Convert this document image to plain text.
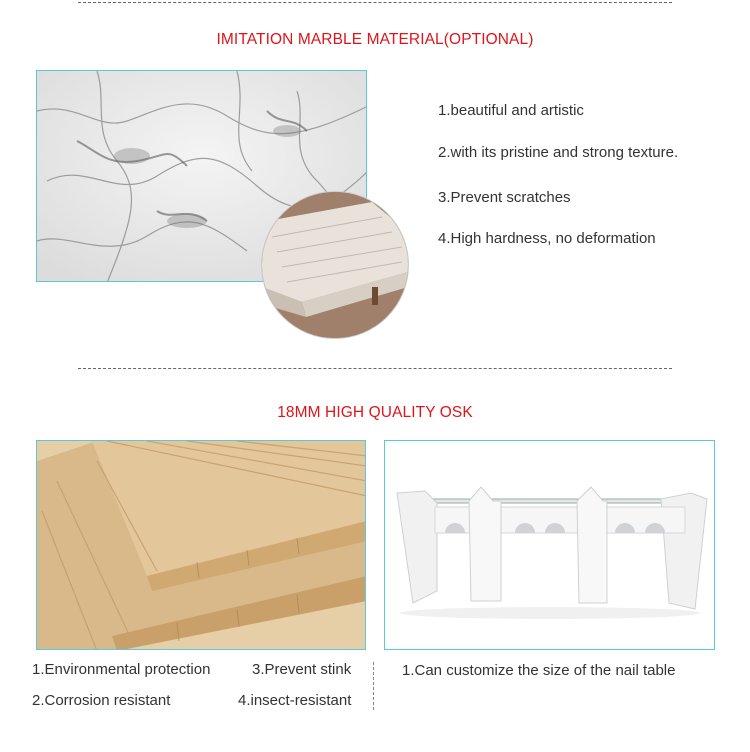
IMITATION MARBLE MATERIAL(OPTIONAL)
1.beautiful and artistic
2.with its pristine and strong texture.
3.Prevent scratches
4.High hardness, no deformation
18MM HIGH QUALITY OSK
1.Environmental protection	3.Prevent stink
2.Corrosion resistant	4.insect-resistant
1.Can customize the size of the nail table
